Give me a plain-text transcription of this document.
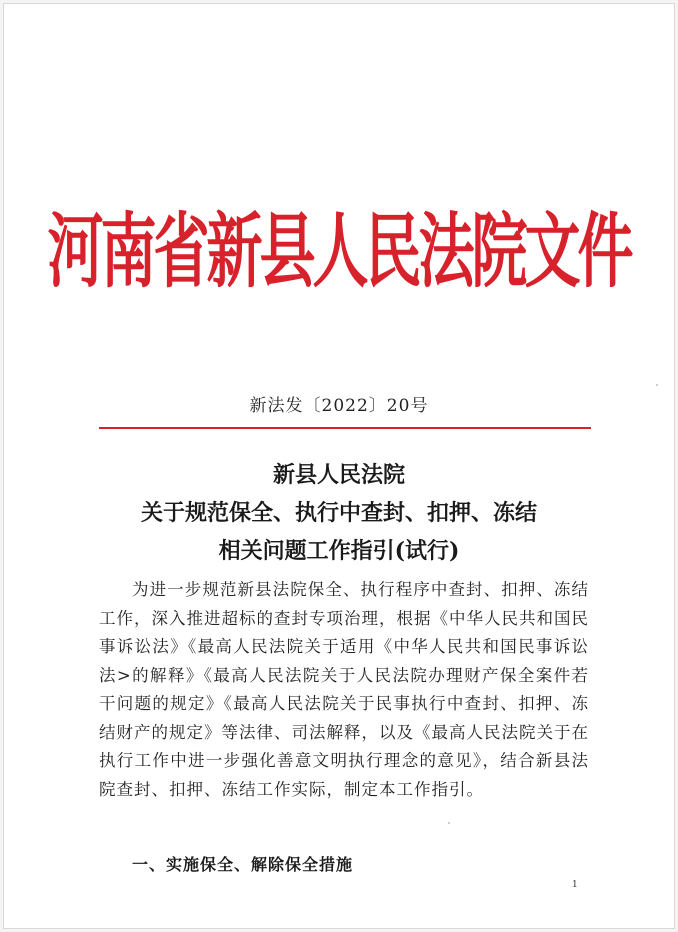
河南省新县人民法院文件
新法发〔2022〕20号
新县人民法院
关于规范保全、执行中查封、扣押、冻结
相关问题工作指引(试行)
为进一步规范新县法院保全、执行程序中查封、扣押、冻结工作，深入推进超标的查封专项治理，根据《中华人民共和国民事诉讼法》《最高人民法院关于适用《中华人民共和国民事诉讼法>的解释》《最高人民法院关于人民法院办理财产保全案件若干问题的规定》《最高人民法院关于民事执行中查封、扣押、冻结财产的规定》等法律、司法解释，以及《最高人民法院关于在执行工作中进一步强化善意文明执行理念的意见》，结合新县法院查封、扣押、冻结工作实际，制定本工作指引。
一、实施保全、解除保全措施
1
